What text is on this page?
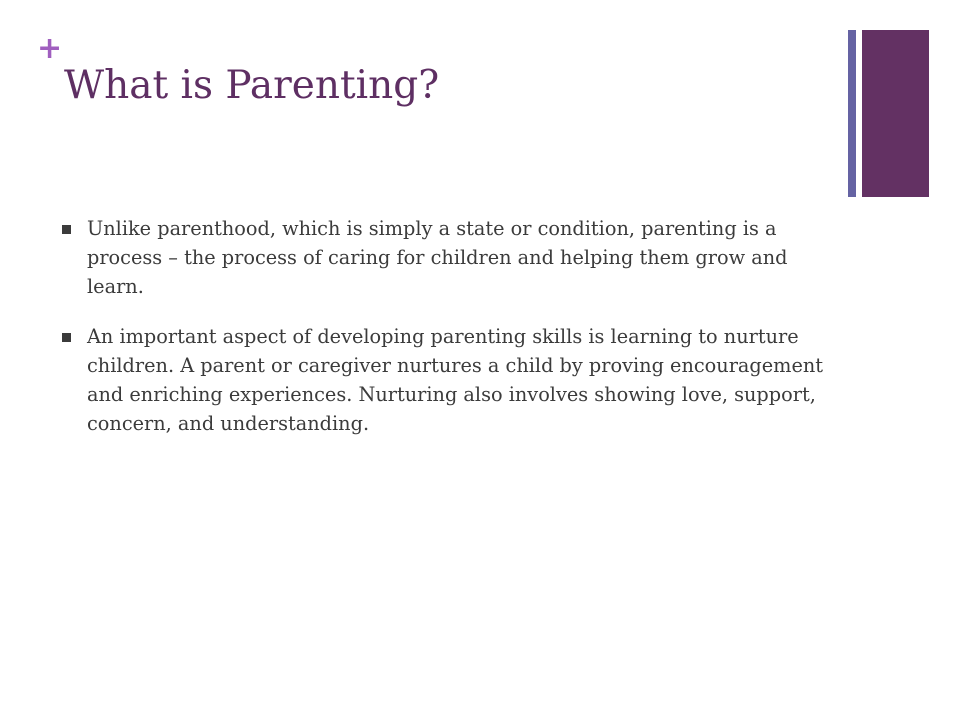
+
What is Parenting?
Unlike parenthood, which is simply a state or condition, parenting is a process – the process of caring for children and helping them grow and learn.
An important aspect of developing parenting skills is learning to nurture children. A parent or caregiver nurtures a child by proving encouragement and enriching experiences. Nurturing also involves showing love, support, concern, and understanding.
